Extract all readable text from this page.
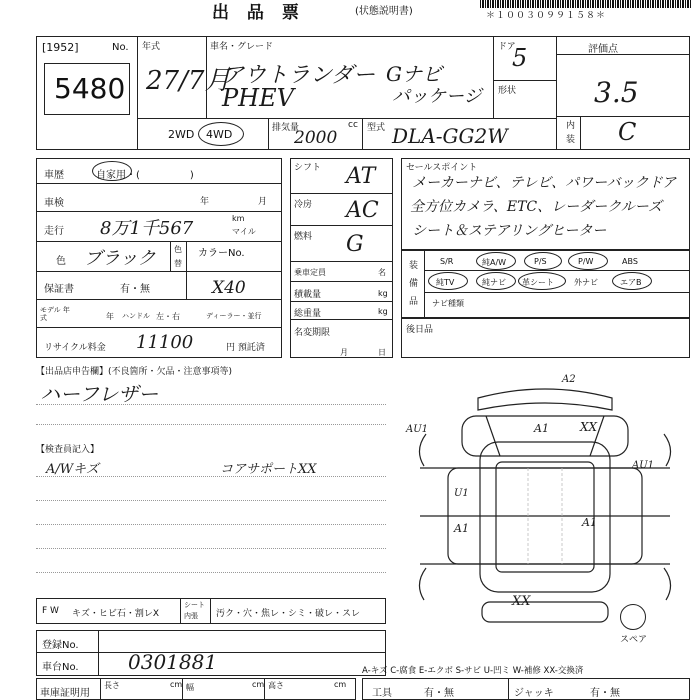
出 品 票	(状態説明書)	＊１００３０９９１５８＊
[1952]	No.
5480
年式
27/7月
車名・グレード
アウトランダー
PHEV
Gナビ
パッケージ
ドア
5
形状
2WD 4WD	排気量	cc
2000	型式 DLA-GG2W
評価点
3.5
内
装 C
車歴	自家用・(　　　　　)
車検	年	月
走行 8万1千567	km
マイル
色 ブラック 色
替
カラーNo.
X40
保証書	有・無
モデル 年式	年 ハンドル 左・右	ディーラー・並行
リサイクル料金 11100	円 預託済
シフト AT
冷房 AC
燃料 G
乗車定員	名
積載量	kg
総重量	kg
名変期限
月	日
セールスポイント
メーカーナビ、テレビ、パワーバックドア
全方位カメラ、ETC、レーダークルーズ
シート＆ステアリングヒーター
装
備
品
S/R	純A/W	P/S	P/W	ABS
純TV	純ナビ 革シート	外ナビ	エアB
ナビ種類
後日品
【出品店申告欄】(不良箇所・欠品・注意事項等)
ハーフレザー
【検査員記入】
A/Wキズ	コアサポートXX
A2
AU1	A1	XX
AU1
U1
A1	A1
XX
スペア
F W キズ・ヒビ石・割レX
シート
内張 汚ク・穴・焦レ・シミ・破レ・スレ
登録No.
車台No. 0301881	A-キズ C-腐食 E-エクボ S-サビ U-凹ミ W-補修 XX-交換済
車庫証明用
長さ	cm 幅	cm 高さ	cm
工具	有・無	ジャッキ	有・無
